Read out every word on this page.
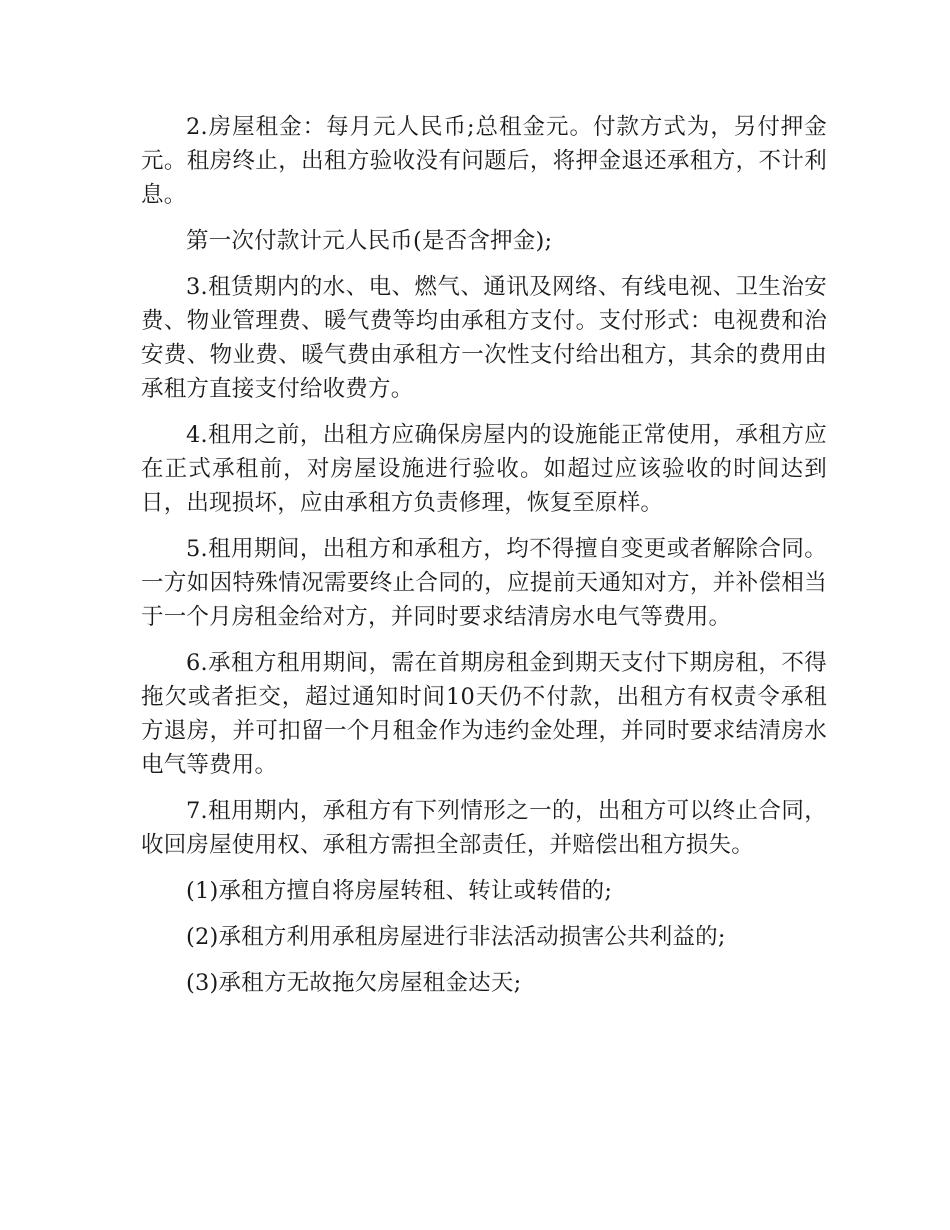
2.房屋租金：每月元人民币;总租金元。付款方式为，另付押金元。租房终止，出租方验收没有问题后，将押金退还承租方，不计利息。

第一次付款计元人民币(是否含押金);

3.租赁期内的水、电、燃气、通讯及网络、有线电视、卫生治安费、物业管理费、暖气费等均由承租方支付。支付形式：电视费和治安费、物业费、暖气费由承租方一次性支付给出租方，其余的费用由承租方直接支付给收费方。

4.租用之前，出租方应确保房屋内的设施能正常使用，承租方应在正式承租前，对房屋设施进行验收。如超过应该验收的时间达到日，出现损坏，应由承租方负责修理，恢复至原样。

5.租用期间，出租方和承租方，均不得擅自变更或者解除合同。一方如因特殊情况需要终止合同的，应提前天通知对方，并补偿相当于一个月房租金给对方，并同时要求结清房水电气等费用。

6.承租方租用期间，需在首期房租金到期天支付下期房租，不得拖欠或者拒交，超过通知时间10天仍不付款，出租方有权责令承租方退房，并可扣留一个月租金作为违约金处理，并同时要求结清房水电气等费用。

7.租用期内，承租方有下列情形之一的，出租方可以终止合同，收回房屋使用权、承租方需担全部责任，并赔偿出租方损失。

(1)承租方擅自将房屋转租、转让或转借的;

(2)承租方利用承租房屋进行非法活动损害公共利益的;

(3)承租方无故拖欠房屋租金达天;
